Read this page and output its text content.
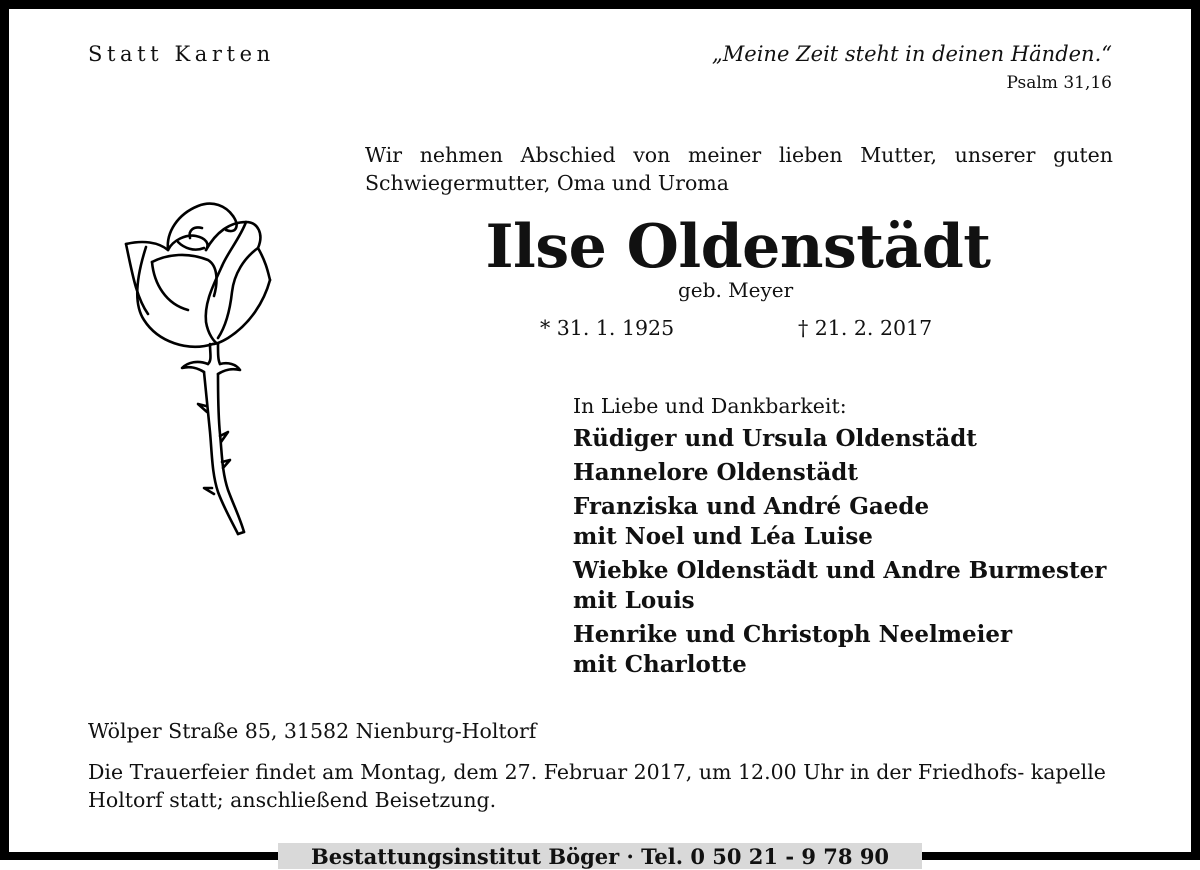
Statt Karten	„Meine Zeit steht in deinen Händen.“
Psalm 31,16
Wir nehmen Abschied von meiner lieben Mutter, unserer guten Schwiegermutter, Oma und Uroma
Ilse Oldenstädt
geb. Meyer
* 31. 1. 1925	† 21. 2. 2017
In Liebe und Dankbarkeit:
Rüdiger und Ursula Oldenstädt
Hannelore Oldenstädt
Franziska und André Gaede
mit Noel und Léa Luise
Wiebke Oldenstädt und Andre Burmester
mit Louis
Henrike und Christoph Neelmeier
mit Charlotte
Wölper Straße 85, 31582 Nienburg-Holtorf
Die Trauerfeier findet am Montag, dem 27. Februar 2017, um 12.00 Uhr in der Friedhofs- kapelle Holtorf statt; anschließend Beisetzung.
Bestattungsinstitut Böger · Tel. 0 50 21 - 9 78 90
